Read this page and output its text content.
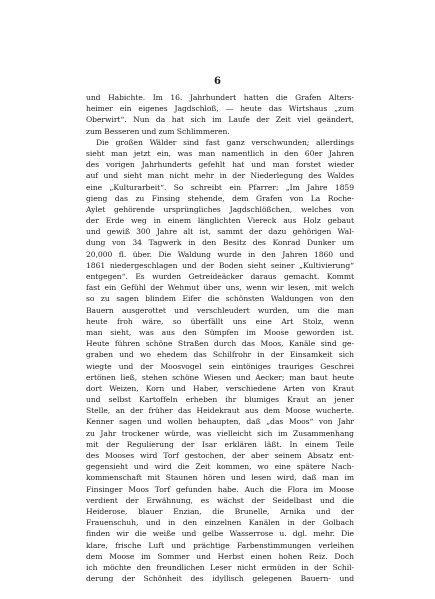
6
und Habichte. Im 16. Jahrhundert hatten die Grafen Alters-
heimer ein eigenes Jagdschloß, — heute das Wirtshaus „zum
Oberwirt“. Nun da hat sich im Laufe der Zeit viel geändert,
zum Besseren und zum Schlimmeren.
Die großen Wälder sind fast ganz verschwunden; allerdings
sieht man jetzt ein, was man namentlich in den 60er Jahren
des vorigen Jahrhunderts gefehlt hat und man forstet wieder
auf und sieht man nicht mehr in der Niederlegung des Waldes
eine „Kulturarbeit“. So schreibt ein Pfarrer: „Im Jahre 1859
gieng das zu Finsing stehende, dem Grafen von La Roche-
Aylet gehörende ursprüngliches Jagdschlößchen, welches von
der Erde weg in einem länglichten Viereck aus Holz gebaut
und gewiß 300 Jahre alt ist, sammt der dazu gehörigen Wal-
dung von 34 Tagwerk in den Besitz des Konrad Dunker um
20,000 fl. über. Die Waldung wurde in den Jahren 1860 und
1861 niedergeschlagen und der Boden sieht seiner „Kultivierung“
entgegen“. Es wurden Getreideäcker daraus gemacht. Kommt
fast ein Gefühl der Wehmut über uns, wenn wir lesen, mit welch
so zu sagen blindem Eifer die schönsten Waldungen von den
Bauern ausgerottet und verschleudert wurden, um die man
heute froh wäre, so überfällt uns eine Art Stolz, wenn
man sieht, was aus den Sümpfen im Moose geworden ist.
Heute führen schöne Straßen durch das Moos, Kanäle sind ge-
graben und wo ehedem das Schilfrohr in der Einsamkeit sich
wiegte und der Moosvogel sein eintöniges trauriges Geschrei
ertönen ließ, stehen schöne Wiesen und Aecker; man baut heute
dort Weizen, Korn und Haber, verschiedene Arten von Kraut
und selbst Kartoffeln erheben ihr blumiges Kraut an jener
Stelle, an der früher das Heidekraut aus dem Moose wucherte.
Kenner sagen und wollen behaupten, daß „das Moos“ von Jahr
zu Jahr trockener würde, was vielleicht sich im Zusammenhang
mit der Regulierung der Isar erklären läßt. In einem Teile
des Mooses wird Torf gestochen, der aber seinem Absatz ent-
gegensieht und wird die Zeit kommen, wo eine spätere Nach-
kommenschaft mit Staunen hören und lesen wird, daß man im
Finsinger Moos Torf gefunden habe. Auch die Flora im Moose
verdient der Erwähnung, es wächst der Seidelbast und die
Heiderose, blauer Enzian, die Brunelle, Arnika und der
Frauenschuh, und in den einzelnen Kanälen in der Golbach
finden wir die weiße und gelbe Wasserrose u. dgl. mehr. Die
klare, frische Luft und prächtige Farbenstimmungen verleihen
dem Moose im Sommer und Herbst einen hohen Reiz. Doch
ich möchte den freundlichen Leser nicht ermüden in der Schil-
derung der Schönheit des idyllisch gelegenen Bauern- und
